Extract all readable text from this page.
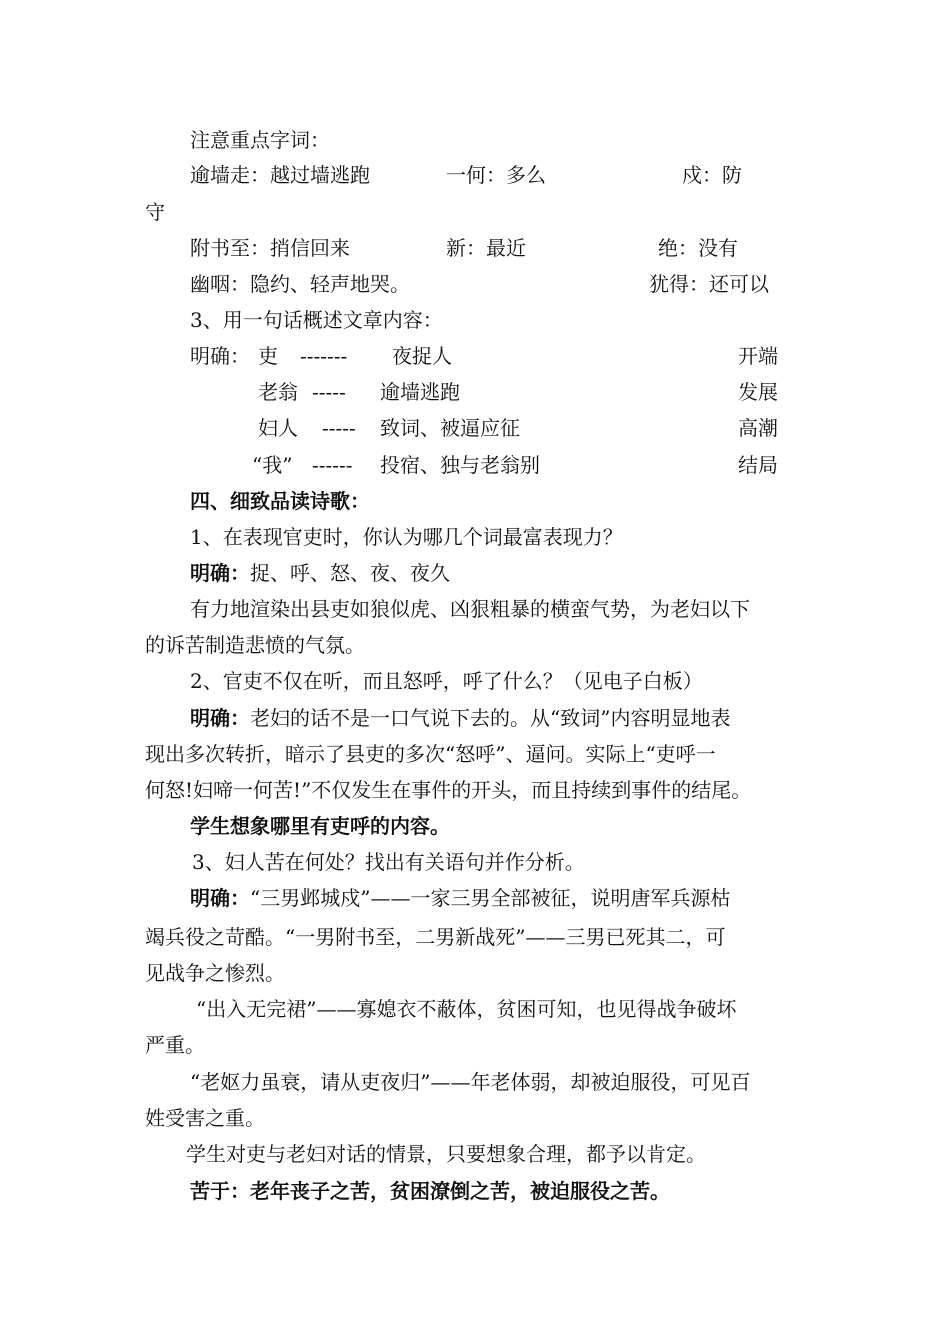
注意重点字词：
逾墙走：越过墙逃跑	一何：多么	戍：防
守
附书至：捎信回来	新：最近	绝：没有
幽咽：隐约、轻声地哭。	犹得：还可以
3、用一句话概述文章内容：
明确： 吏 ------- 夜捉人	开端
老翁 ----- 逾墙逃跑	发展
妇人 ----- 致词、被逼应征	高潮
“我” ------ 投宿、独与老翁别	结局
四、细致品读诗歌：
1、在表现官吏时，你认为哪几个词最富表现力？
明确：捉、呼、怒、夜、夜久
有力地渲染出县吏如狼似虎、凶狠粗暴的横蛮气势，为老妇以下
的诉苦制造悲愤的气氛。
2、官吏不仅在听，而且怒呼，呼了什么？（见电子白板）
明确：老妇的话不是一口气说下去的。从“致词”内容明显地表
现出多次转折，暗示了县吏的多次“怒呼”、逼问。实际上“吏呼一
何怒!妇啼一何苦!”不仅发生在事件的开头，而且持续到事件的结尾。
学生想象哪里有吏呼的内容。
3、妇人苦在何处？找出有关语句并作分析。
明确：“三男邺城戍”——一家三男全部被征，说明唐军兵源枯
竭兵役之苛酷。“一男附书至，二男新战死”——三男已死其二，可
见战争之惨烈。
“出入无完裙”——寡媳衣不蔽体，贫困可知，也见得战争破坏
严重。
“老妪力虽衰，请从吏夜归”——年老体弱，却被迫服役，可见百
姓受害之重。
学生对吏与老妇对话的情景，只要想象合理，都予以肯定。
苦于：老年丧子之苦，贫困潦倒之苦，被迫服役之苦。
